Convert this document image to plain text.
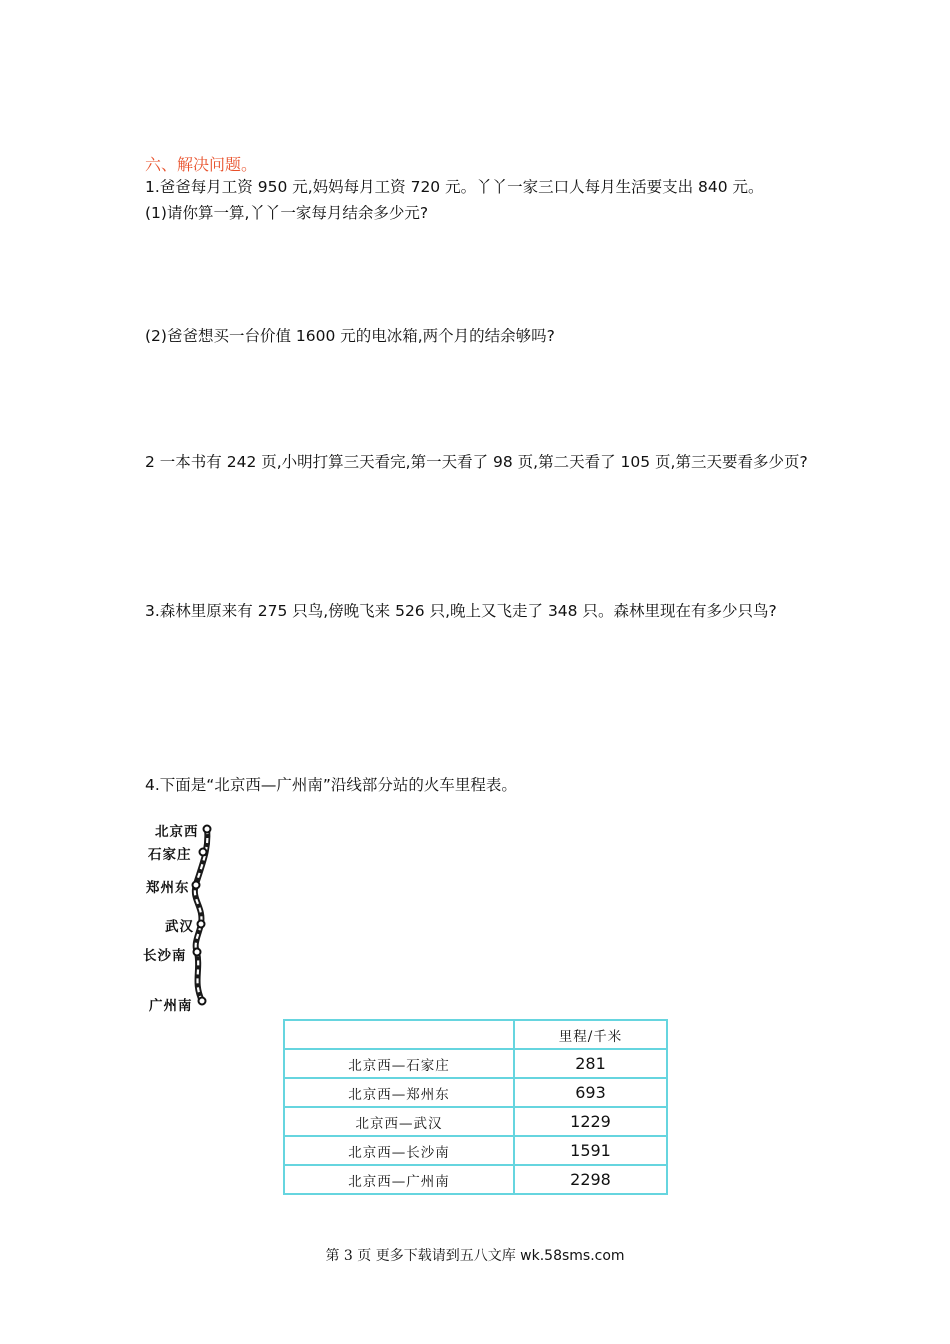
六、解决问题。
1.爸爸每月工资 950 元,妈妈每月工资 720 元。丫丫一家三口人每月生活要支出 840 元。
(1)请你算一算,丫丫一家每月结余多少元?
(2)爸爸想买一台价值 1600 元的电冰箱,两个月的结余够吗?
2 一本书有 242 页,小明打算三天看完,第一天看了 98 页,第二天看了 105 页,第三天要看多少页?
3.森林里原来有 275 只鸟,傍晚飞来 526 只,晚上又飞走了 348 只。森林里现在有多少只鸟?
4.下面是“北京西—广州南”沿线部分站的火车里程表。
北京西
石家庄
郑州东
武汉
长沙南
广州南
	里程/千米
北京西—石家庄	281
北京西—郑州东	693
北京西—武汉	1229
北京西—长沙南	1591
北京西—广州南	2298
第 3 页 更多下载请到五八文库 wk.58sms.com
